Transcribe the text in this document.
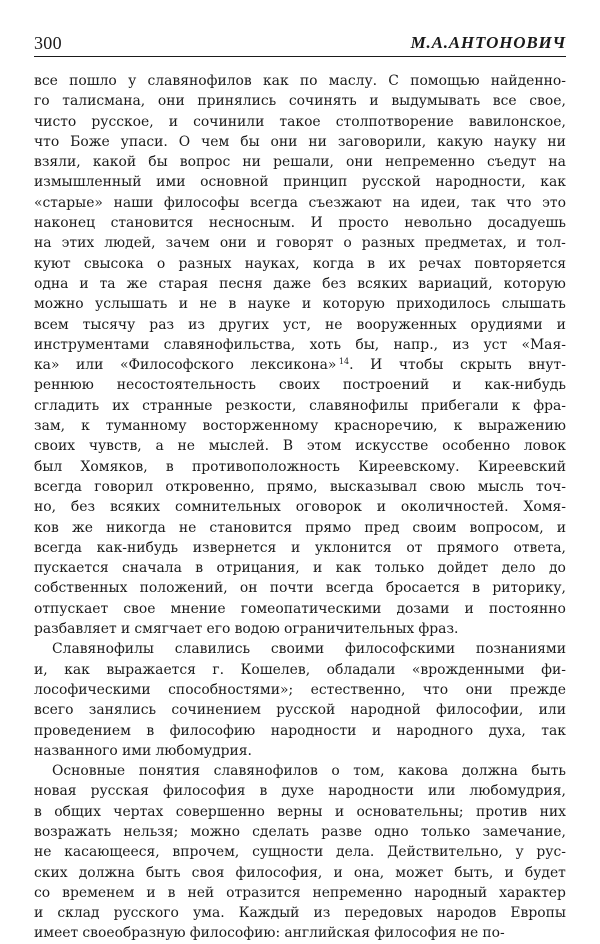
300	М.А.АНТОНОВИЧ
все пошло у славянофилов как по маслу. С помощью найденно-
го талисмана, они принялись сочинять и выдумывать все свое,
чисто русское, и сочинили такое столпотворение вавилонское,
что Боже упаси. О чем бы они ни заговорили, какую науку ни
взяли, какой бы вопрос ни решали, они непременно съедут на
измышленный ими основной принцип русской народности, как
«старые» наши философы всегда съезжают на идеи, так что это
наконец становится несносным. И просто невольно досадуешь
на этих людей, зачем они и говорят о разных предметах, и тол-
куют свысока о разных науках, когда в их речах повторяется
одна и та же старая песня даже без всяких вариаций, которую
можно услышать и не в науке и которую приходилось слышать
всем тысячу раз из других уст, не вооруженных орудиями и
инструментами славянофильства, хоть бы, напр., из уст «Мая-
ка» или «Философского лексикона» $^{14}$. И чтобы скрыть внут-
реннюю несостоятельность своих построений и как-нибудь
сгладить их странные резкости, славянофилы прибегали к фра-
зам, к туманному восторженному красноречию, к выражению
своих чувств, а не мыслей. В этом искусстве особенно ловок
был Хомяков, в противоположность Киреевскому. Киреевский
всегда говорил откровенно, прямо, высказывал свою мысль точ-
но, без всяких сомнительных оговорок и околичностей. Хомя-
ков же никогда не становится прямо пред своим вопросом, и
всегда как-нибудь извернется и уклонится от прямого ответа,
пускается сначала в отрицания, и как только дойдет дело до
собственных положений, он почти всегда бросается в риторику,
отпускает свое мнение гомеопатическими дозами и постоянно
разбавляет и смягчает его водою ограничительных фраз.
Славянофилы славились своими философскими познаниями
и, как выражается г. Кошелев, обладали «врожденными фи-
лософическими способностями»; естественно, что они прежде
всего занялись сочинением русской народной философии, или
проведением в философию народности и народного духа, так
названного ими любомудрия.
Основные понятия славянофилов о том, какова должна быть
новая русская философия в духе народности или любомудрия,
в общих чертах совершенно верны и основательны; против них
возражать нельзя; можно сделать разве одно только замечание,
не касающееся, впрочем, сущности дела. Действительно, у рус-
ских должна быть своя философия, и она, может быть, и будет
со временем и в ней отразится непременно народный характер
и склад русского ума. Каждый из передовых народов Европы
имеет своеобразную философию: английская философия не по-
